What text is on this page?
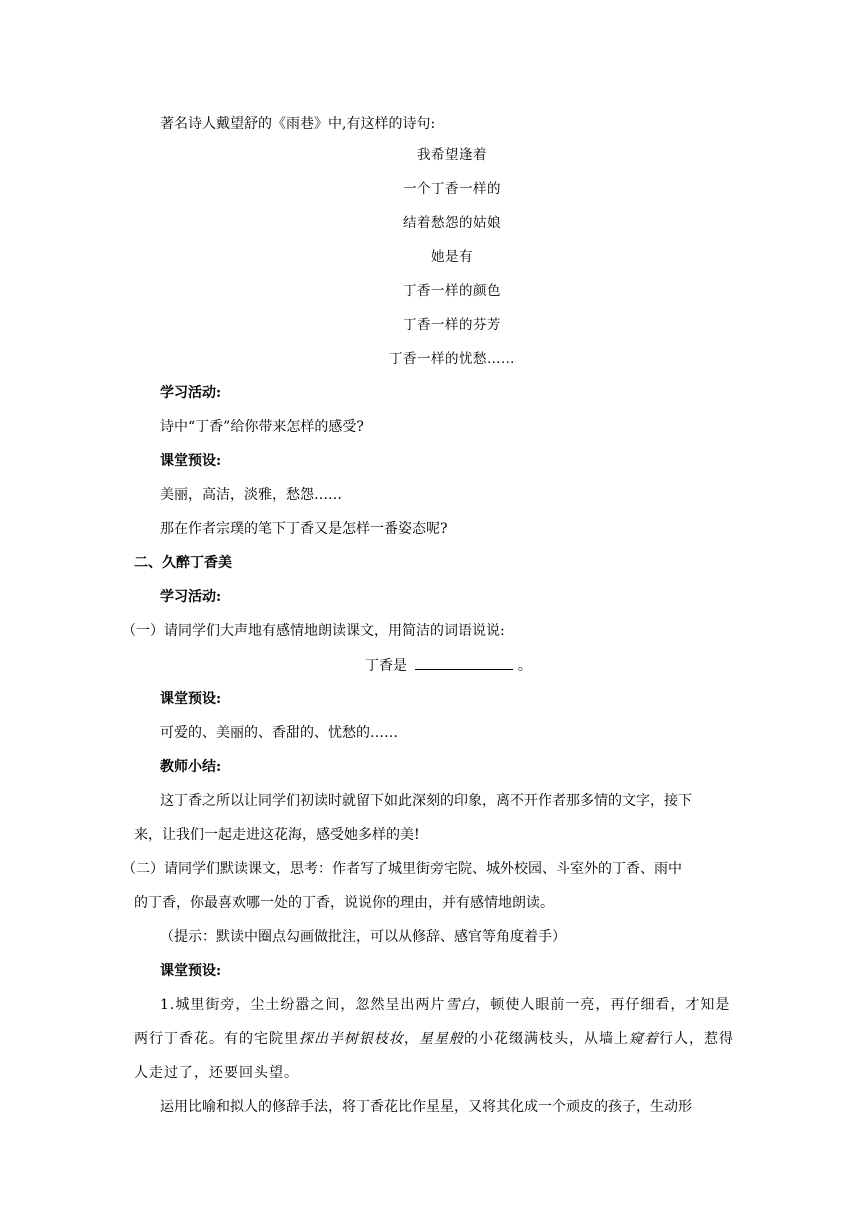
著名诗人戴望舒的《雨巷》中,有这样的诗句:
我希望逢着
一个丁香一样的
结着愁怨的姑娘
她是有
丁香一样的颜色
丁香一样的芬芳
丁香一样的忧愁……
学习活动:
诗中“丁香”给你带来怎样的感受?
课堂预设:
美丽，高洁，淡雅，愁怨……
那在作者宗璞的笔下丁香又是怎样一番姿态呢?
二、久醉丁香美
学习活动:
（一）请同学们大声地有感情地朗读课文，用简洁的词语说说:
丁香是	。
课堂预设:
可爱的、美丽的、香甜的、忧愁的……
教师小结:
这丁香之所以让同学们初读时就留下如此深刻的印象，离不开作者那多情的文字，接下
来，让我们一起走进这花海，感受她多样的美!
（二）请同学们默读课文，思考：作者写了城里街旁宅院、城外校园、斗室外的丁香、雨中
的丁香，你最喜欢哪一处的丁香，说说你的理由，并有感情地朗读。
（提示：默读中圈点勾画做批注，可以从修辞、感官等角度着手）
课堂预设:
1.城里街旁，尘土纷嚣之间，忽然呈出两片雪白，顿使人眼前一亮，再仔细看，才知是
两行丁香花。有的宅院里探出半树银枝妆，星星般的小花缀满枝头，从墙上窥着行人，惹得
人走过了，还要回头望。
运用比喻和拟人的修辞手法，将丁香花比作星星，又将其化成一个顽皮的孩子，生动形
